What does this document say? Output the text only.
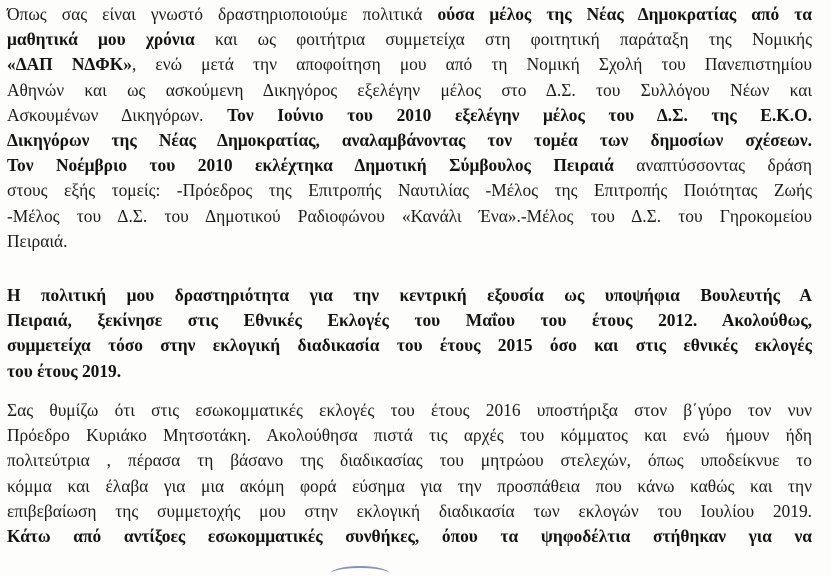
Όπως σας είναι γνωστό δραστηριοποιούμε πολιτικά ούσα μέλος της Νέας Δημοκρατίας από τα
μαθητικά μου χρόνια και ως φοιτήτρια συμμετείχα στη φοιτητική παράταξη της Νομικής
«ΔΑΠ ΝΔΦΚ», ενώ μετά την αποφοίτηση μου από τη Νομική Σχολή του Πανεπιστημίου
Αθηνών και ως ασκούμενη Δικηγόρος εξελέγην μέλος στο Δ.Σ. του Συλλόγου Νέων και
Ασκουμένων Δικηγόρων. Τον Ιούνιο του 2010 εξελέγην μέλος του Δ.Σ. της Ε.Κ.Ο.
Δικηγόρων της Νέας Δημοκρατίας, αναλαμβάνοντας τον τομέα των δημοσίων σχέσεων.
Τον Νοέμβριο του 2010 εκλέχτηκα Δημοτική Σύμβουλος Πειραιά αναπτύσσοντας δράση
στους εξής τομείς: -Πρόεδρος της Επιτροπής Ναυτιλίας -Μέλος της Επιτροπής Ποιότητας Ζωής
-Μέλος του Δ.Σ. του Δημοτικού Ραδιοφώνου «Κανάλι Ένα».-Μέλος του Δ.Σ. του Γηροκομείου
Πειραιά.
Η πολιτική μου δραστηριότητα για την κεντρική εξουσία ως υποψήφια Βουλευτής Α
Πειραιά, ξεκίνησε στις Εθνικές Εκλογές του Μαΐου του έτους 2012. Ακολούθως,
συμμετείχα τόσο στην εκλογική διαδικασία του έτους 2015 όσο και στις εθνικές εκλογές
του έτους 2019.
Σας θυμίζω ότι στις εσωκομματικές εκλογές του έτους 2016 υποστήριξα στον β΄γύρο τον νυν
Πρόεδρο Κυριάκο Μητσοτάκη. Ακολούθησα πιστά τις αρχές του κόμματος και ενώ ήμουν ήδη
πολιτεύτρια , πέρασα τη βάσανο της διαδικασίας του μητρώου στελεχών, όπως υποδείκνυε το
κόμμα και έλαβα για μια ακόμη φορά εύσημα για την προσπάθεια που κάνω καθώς και την
επιβεβαίωση της συμμετοχής μου στην εκλογική διαδικασία των εκλογών του Ιουλίου 2019.
Κάτω από αντίξοες εσωκομματικές συνθήκες, όπου τα ψηφοδέλτια στήθηκαν για να
